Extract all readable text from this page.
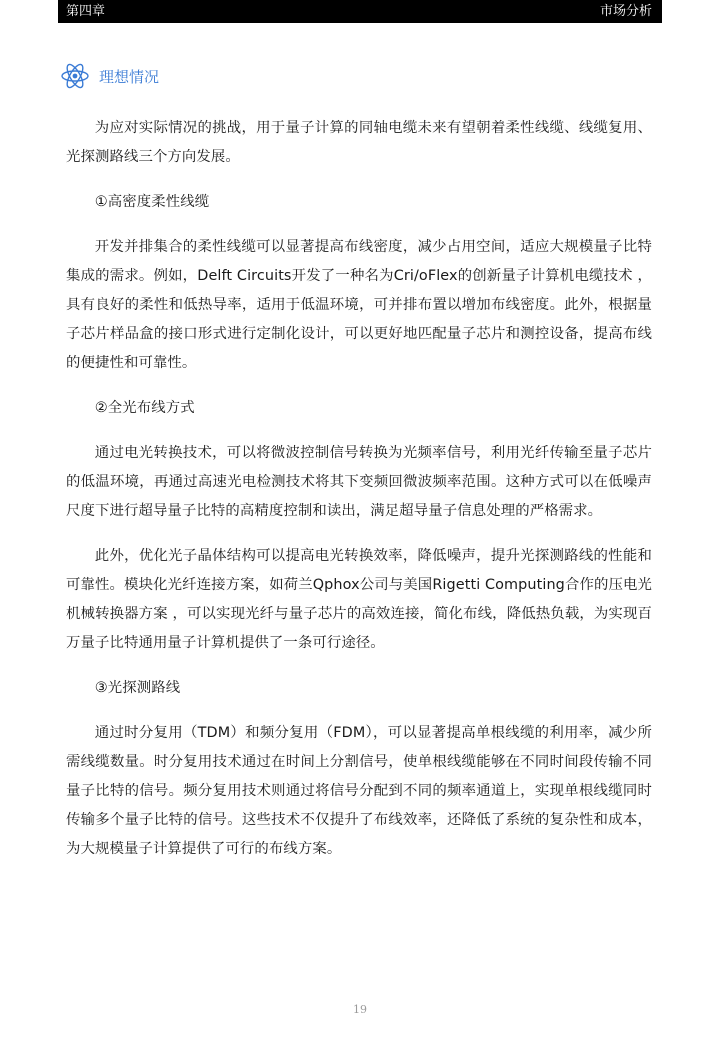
第四章	市场分析
理想情况

为应对实际情况的挑战，用于量子计算的同轴电缆未来有望朝着柔性线缆、线缆复用、光探测路线三个方向发展。

①高密度柔性线缆

开发并排集合的柔性线缆可以显著提高布线密度，减少占用空间，适应大规模量子比特集成的需求。例如，Delft Circuits开发了一种名为Cri/oFlex的创新量子计算机电缆技术 ，具有良好的柔性和低热导率，适用于低温环境，可并排布置以增加布线密度。此外，根据量子芯片样品盒的接口形式进行定制化设计，可以更好地匹配量子芯片和测控设备，提高布线的便捷性和可靠性。

②全光布线方式

通过电光转换技术，可以将微波控制信号转换为光频率信号，利用光纤传输至量子芯片的低温环境，再通过高速光电检测技术将其下变频回微波频率范围。这种方式可以在低噪声尺度下进行超导量子比特的高精度控制和读出，满足超导量子信息处理的严格需求。

此外，优化光子晶体结构可以提高电光转换效率，降低噪声，提升光探测路线的性能和可靠性。模块化光纤连接方案，如荷兰Qphox公司与美国Rigetti Computing合作的压电光机械转换器方案 ，可以实现光纤与量子芯片的高效连接，简化布线，降低热负载，为实现百万量子比特通用量子计算机提供了一条可行途径。

③光探测路线

通过时分复用（TDM）和频分复用（FDM），可以显著提高单根线缆的利用率，减少所需线缆数量。时分复用技术通过在时间上分割信号，使单根线缆能够在不同时间段传输不同量子比特的信号。频分复用技术则通过将信号分配到不同的频率通道上，实现单根线缆同时传输多个量子比特的信号。这些技术不仅提升了布线效率，还降低了系统的复杂性和成本，为大规模量子计算提供了可行的布线方案。

19
